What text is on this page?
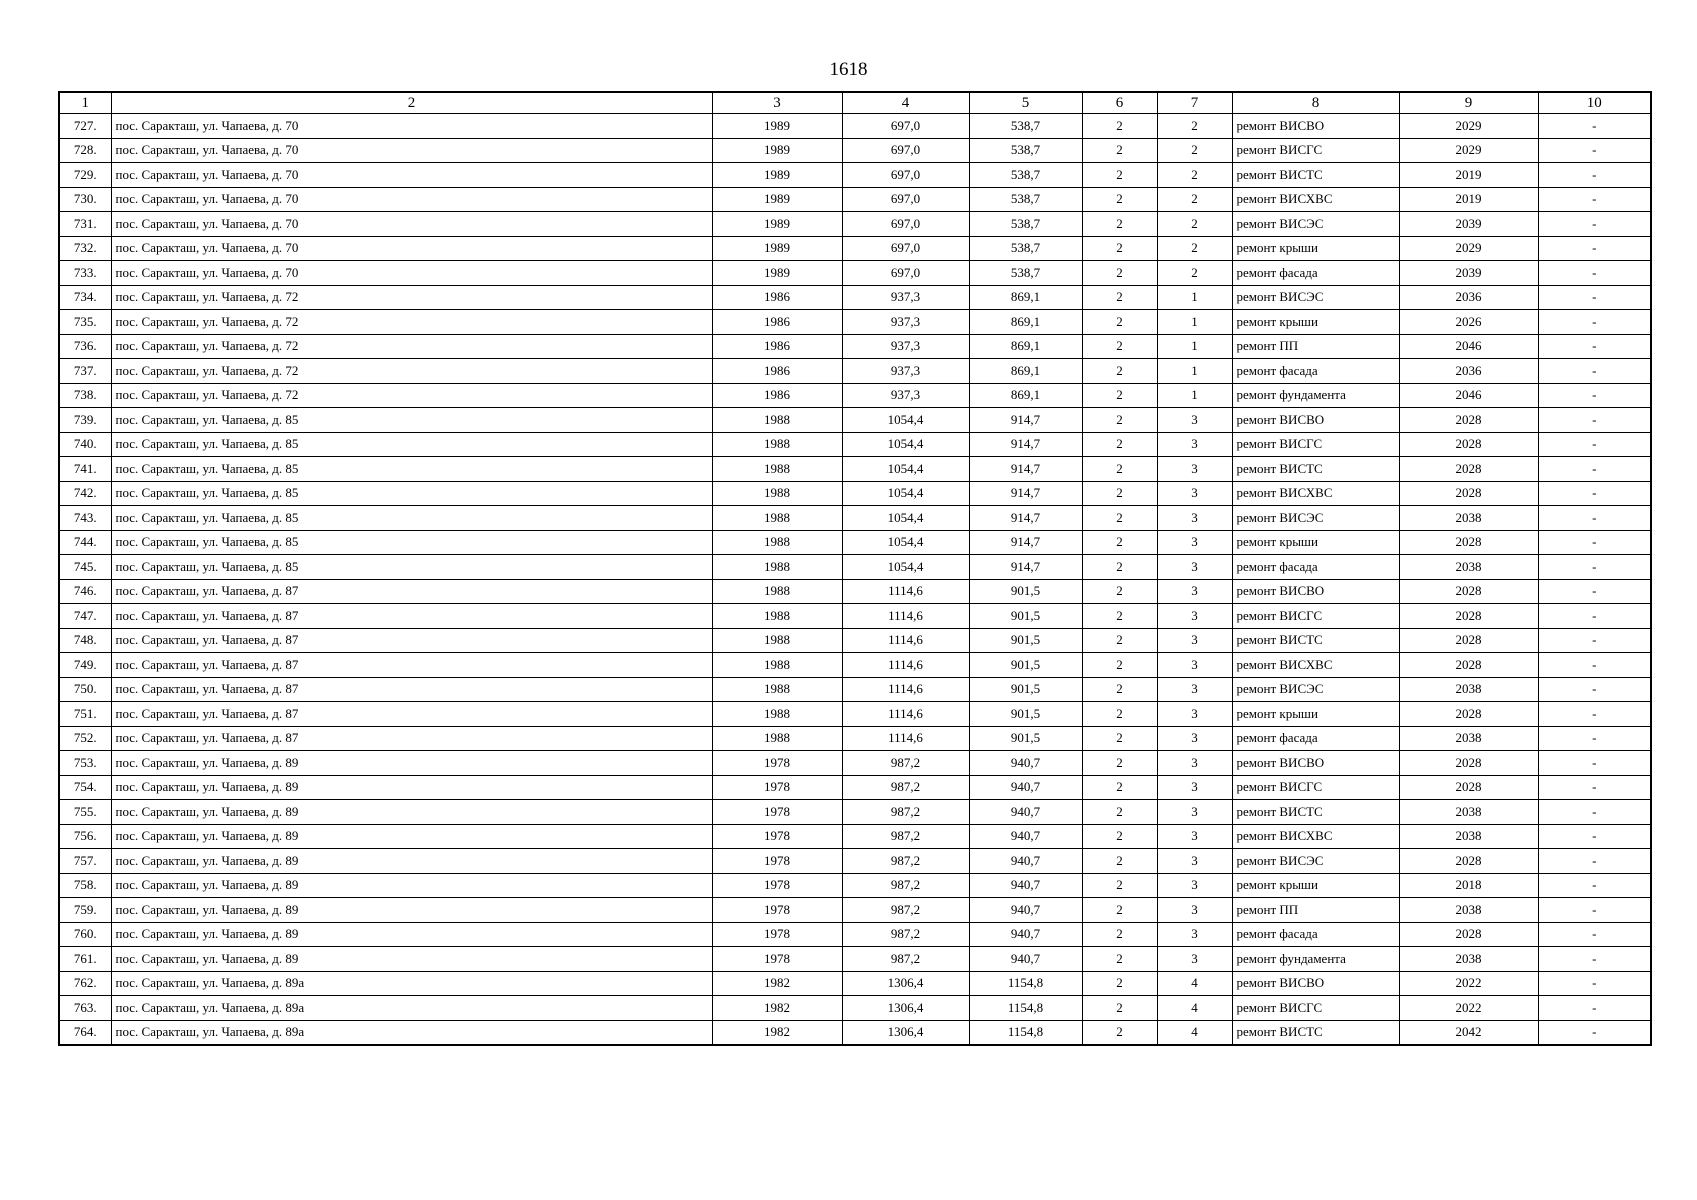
1618
1	2	3	4	5	6	7	8	9	10
727.	пос. Саракташ, ул. Чапаева, д. 70	1989	697,0	538,7	2	2	ремонт ВИСВО	2029	-
728.	пос. Саракташ, ул. Чапаева, д. 70	1989	697,0	538,7	2	2	ремонт ВИСГС	2029	-
729.	пос. Саракташ, ул. Чапаева, д. 70	1989	697,0	538,7	2	2	ремонт ВИСТС	2019	-
730.	пос. Саракташ, ул. Чапаева, д. 70	1989	697,0	538,7	2	2	ремонт ВИСХВС	2019	-
731.	пос. Саракташ, ул. Чапаева, д. 70	1989	697,0	538,7	2	2	ремонт ВИСЭС	2039	-
732.	пос. Саракташ, ул. Чапаева, д. 70	1989	697,0	538,7	2	2	ремонт крыши	2029	-
733.	пос. Саракташ, ул. Чапаева, д. 70	1989	697,0	538,7	2	2	ремонт фасада	2039	-
734.	пос. Саракташ, ул. Чапаева, д. 72	1986	937,3	869,1	2	1	ремонт ВИСЭС	2036	-
735.	пос. Саракташ, ул. Чапаева, д. 72	1986	937,3	869,1	2	1	ремонт крыши	2026	-
736.	пос. Саракташ, ул. Чапаева, д. 72	1986	937,3	869,1	2	1	ремонт ПП	2046	-
737.	пос. Саракташ, ул. Чапаева, д. 72	1986	937,3	869,1	2	1	ремонт фасада	2036	-
738.	пос. Саракташ, ул. Чапаева, д. 72	1986	937,3	869,1	2	1	ремонт фундамента	2046	-
739.	пос. Саракташ, ул. Чапаева, д. 85	1988	1054,4	914,7	2	3	ремонт ВИСВО	2028	-
740.	пос. Саракташ, ул. Чапаева, д. 85	1988	1054,4	914,7	2	3	ремонт ВИСГС	2028	-
741.	пос. Саракташ, ул. Чапаева, д. 85	1988	1054,4	914,7	2	3	ремонт ВИСТС	2028	-
742.	пос. Саракташ, ул. Чапаева, д. 85	1988	1054,4	914,7	2	3	ремонт ВИСХВС	2028	-
743.	пос. Саракташ, ул. Чапаева, д. 85	1988	1054,4	914,7	2	3	ремонт ВИСЭС	2038	-
744.	пос. Саракташ, ул. Чапаева, д. 85	1988	1054,4	914,7	2	3	ремонт крыши	2028	-
745.	пос. Саракташ, ул. Чапаева, д. 85	1988	1054,4	914,7	2	3	ремонт фасада	2038	-
746.	пос. Саракташ, ул. Чапаева, д. 87	1988	1114,6	901,5	2	3	ремонт ВИСВО	2028	-
747.	пос. Саракташ, ул. Чапаева, д. 87	1988	1114,6	901,5	2	3	ремонт ВИСГС	2028	-
748.	пос. Саракташ, ул. Чапаева, д. 87	1988	1114,6	901,5	2	3	ремонт ВИСТС	2028	-
749.	пос. Саракташ, ул. Чапаева, д. 87	1988	1114,6	901,5	2	3	ремонт ВИСХВС	2028	-
750.	пос. Саракташ, ул. Чапаева, д. 87	1988	1114,6	901,5	2	3	ремонт ВИСЭС	2038	-
751.	пос. Саракташ, ул. Чапаева, д. 87	1988	1114,6	901,5	2	3	ремонт крыши	2028	-
752.	пос. Саракташ, ул. Чапаева, д. 87	1988	1114,6	901,5	2	3	ремонт фасада	2038	-
753.	пос. Саракташ, ул. Чапаева, д. 89	1978	987,2	940,7	2	3	ремонт ВИСВО	2028	-
754.	пос. Саракташ, ул. Чапаева, д. 89	1978	987,2	940,7	2	3	ремонт ВИСГС	2028	-
755.	пос. Саракташ, ул. Чапаева, д. 89	1978	987,2	940,7	2	3	ремонт ВИСТС	2038	-
756.	пос. Саракташ, ул. Чапаева, д. 89	1978	987,2	940,7	2	3	ремонт ВИСХВС	2038	-
757.	пос. Саракташ, ул. Чапаева, д. 89	1978	987,2	940,7	2	3	ремонт ВИСЭС	2028	-
758.	пос. Саракташ, ул. Чапаева, д. 89	1978	987,2	940,7	2	3	ремонт крыши	2018	-
759.	пос. Саракташ, ул. Чапаева, д. 89	1978	987,2	940,7	2	3	ремонт ПП	2038	-
760.	пос. Саракташ, ул. Чапаева, д. 89	1978	987,2	940,7	2	3	ремонт фасада	2028	-
761.	пос. Саракташ, ул. Чапаева, д. 89	1978	987,2	940,7	2	3	ремонт фундамента	2038	-
762.	пос. Саракташ, ул. Чапаева, д. 89а	1982	1306,4	1154,8	2	4	ремонт ВИСВО	2022	-
763.	пос. Саракташ, ул. Чапаева, д. 89а	1982	1306,4	1154,8	2	4	ремонт ВИСГС	2022	-
764.	пос. Саракташ, ул. Чапаева, д. 89а	1982	1306,4	1154,8	2	4	ремонт ВИСТС	2042	-
